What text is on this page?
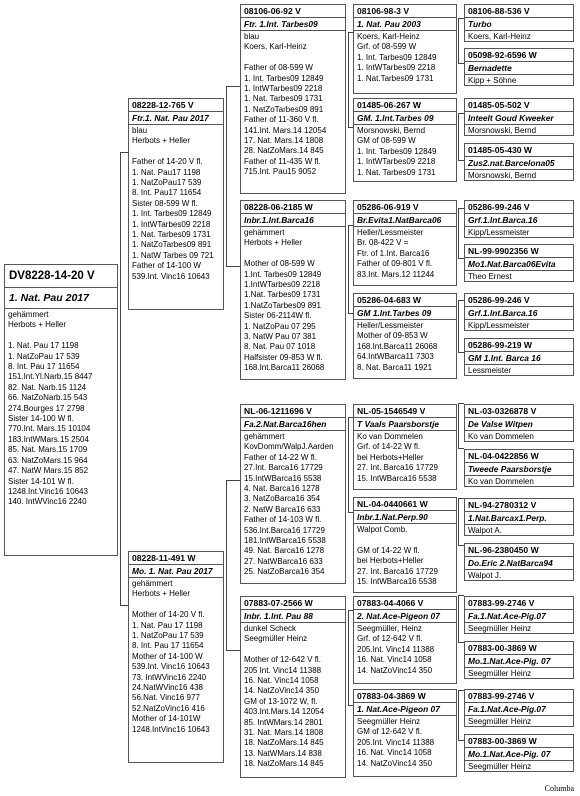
DV8228-14-20 V
1. Nat. Pau 2017
gehämmert
Herbots + Heller

1. Nat. Pau 17 1198
1. NatZoPau 17 539
8. Int. Pau 17 11654
151.Int.Yl.Narb.15 8447
82. Nat. Narb.15 1124
66. NatZoNarb.15 543
274.Bourges 17 2798
Sister 14-100 W fl.
770.Int. Mars.15 10104
183.IntWMars.15 2504
85. Nat. Mars.15 1709
63. NatZoMars.15 964
47. NatW Mars.15 852
Sister 14-101 W fl.
1248.Int.Vinc16 10643
140. IntWVinc16 2240
08228-12-765 V
Ftr.1. Nat. Pau 2017
blau
Herbots + Heller

Father of 14-20 V fl.
1. Nat. Pau17 1198
1. NatZoPau17 539
8. Int. Pau17 11654
Sister 08-599 W fl.
1. Int. Tarbes09 12849
1. IntWTarbes09 2218
1. Nat. Tarbes09 1731
1. NatZoTarbes09 891
1. NatW Tarbes 09 721
Father of 14-100 W
539.Int. Vinc16 10643
08228-11-491 W
Mo. 1. Nat. Pau 2017
gehämmert
Herbots + Heller

Mother of 14-20 V fl.
1. Nat. Pau 17 1198
1. NatZoPau 17 539
8. Int. Pau 17 11654
Mother of 14-100 W
539.Int. Vinc16 10643
73. IntWVinc16 2240
24.NatWVinc16 438
56.Nat. Vinc16 977
52.NatZoVinc16 416
Mother of 14-101W
1248.IntVinc16 10643
08106-06-92 V
Ftr. 1.Int. Tarbes09
blau
Koers, Karl-Heinz

Father of 08-599 W
1. Int. Tarbes09 12849
1. IntWTarbes09 2218
1. Nat. Tarbes09 1731
1. NatZoTarbes09 891
Father of 11-360 V fl.
141.Int. Mars.14 12054
17. Nat. Mars.14 1808
28. NatZoMars.14 845
Father of 11-435 W fl.
715.Int. Pau15 9052
08228-06-2185 W
Inbr.1.Int.Barca16
gehämmert
Herbots + Heller

Mother of 08-599 W
1.Int. Tarbes09 12849
1.IntWTarbes09 2218
1.Nat. Tarbes09 1731
1.NatZoTarbes09 891
Sister 06-2114W fl.
1. NatZoPau 07 295
3. NatW Pau 07 381
8. Nat. Pau 07 1018
Halfsister 09-853 W fl.
168.Int.Barca11 26068
NL-06-1211696 V
Fa.2.Nat.Barca16hen
gehämmert
KovDomm/WalpJ.Aarden
Father of 14-22 W fl.
27.Int. Barca16 17729
15.IntWBarca16 5538
4. Nat. Barca16 1278
3. NatZoBarca16 354
2. NatW Barca16 633
Father of 14-103 W fl.
536.Int.Barca16 17729
181.IntWBarca16 5538
49. Nat. Barca16 1278
27. NatWBarca16 633
25. NatZoBarca16 354
07883-07-2566 W
Inbr. 1.Int. Pau 88
dunkel Scheck
Seegmüller Heinz

Mother of 12-642 V fl.
205 Int. Vinc14 11388
16. Nat. Vinc14 1058
14. NatZoVinc14 350
GM of 13-1072 W, fl.
403.Int.Mars.14 12054
85. IntWMars.14 2801
31. Nat. Mars.14 1808
18. NatZoMars.14 845
13. NatWMars.14 838
18. NatZoMars.14 845
08106-98-3 V
1. Nat. Pau 2003
Koers, Karl-Heinz
Grf. of 08-599 W
1. Int. Tarbes09 12849
1. IntWTarbes09 2218
1. Nat.Tarbes09 1731
01485-06-267 W
GM. 1.Int.Tarbes 09
Morsnowski, Bernd
GM of 08-599 W
1. Int. Tarbes09 12849
1. IntWTarbes09 2218
1. Nat. Tarbes09 1731
05286-06-919 V
Br.Evita1.NatBarca06
Heller/Lessmeister
Br. 08-422 V =
Ftr. of 1.Int. Barca16
Father of 09-801 V fl.
83.Int. Mars.12 11244
05286-04-683 W
GM 1.Int.Tarbes 09
Heller/Lessmeister
Mother of 09-853 W
168.Int.Barca11 26068
64.IntWBarca11 7303
8. Nat. Barca11 1921
NL-05-1546549 V
T Vaals Paarsborstje
Ko van Dommelen
Grf. of 14-22 W fl.
bei Herbots+Heller
27. Int. Barca16 17729
15. IntWBarca16 5538
NL-04-0440661 W
Inbr.1.Nat.Perp.90
Walpot Comb.

GM of 14-22 W fl.
bei Herbots+Heller
27. Int. Barca16 17729
15. IntWBarca16 5538
07883-04-4066 V
2. Nat.Ace-Pigeon 07
Seegmüller, Heinz
Grf. of 12-642 V fl.
205.Int. Vinc14 11388
16. Nat. Vinc14 1058
14. NatZoVinc14 350
07883-04-3869 W
1. Nat.Ace-Pigeon 07
Seegmüller Heinz
GM of 12-642 V fl.
205.Int. Vinc14 11388
16. Nat. Vinc14 1058
14. NatZoVinc14 350
08106-88-536 V
Turbo
Koers, Karl-Heinz
05098-92-6596 W
Bernadette
Kipp + Söhne
01485-05-502 V
Inteelt Goud Kweeker
Morsnowski, Bernd
01485-05-430 W
Zus2.nat.Barcelona05
Morsnowski, Bernd
05286-99-246 V
Grf.1.Int.Barca.16
Kipp/Lessmeister
NL-99-9902356 W
Mo1.Nat.Barca06Evita
Theo Ernest
05286-99-246 V
Grf.1.Int.Barca.16
Kipp/Lessmeister
05286-99-219 W
GM 1.Int. Barca 16
Lessmeister
NL-03-0326878 V
De Valse Witpen
Ko van Dommelen
NL-04-0422856 W
Tweede Paarsborstje
Ko van Dommelen
NL-94-2780312 V
1.Nat.Barcax1.Perp.
Walpot A.
NL-96-2380450 W
Do.Eric 2.NatBarca94
Walpot J.
07883-99-2746 V
Fa.1.Nat.Ace-Pig.07
Seegmüller Heinz
07883-00-3869 W
Mo.1.Nat.Ace-Pig. 07
Seegmüller Heinz
07883-99-2746 V
Fa.1.Nat.Ace-Pig.07
Seegmüller Heinz
07883-00-3869 W
Mo.1.Nat.Ace-Pig. 07
Seegmüller Heinz
Columba
